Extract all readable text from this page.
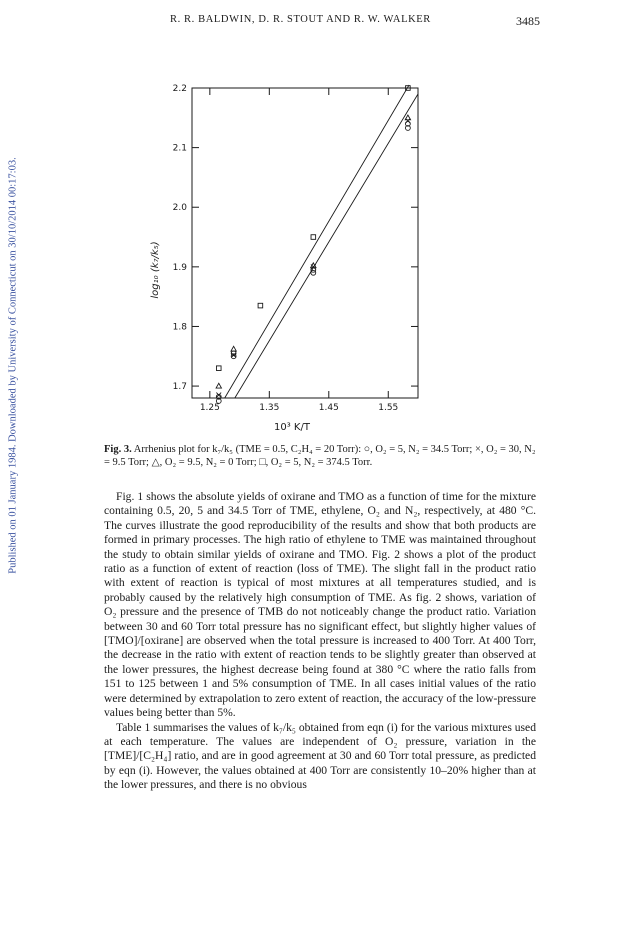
Published on 01 January 1984. Downloaded by University of Connecticut on 30/10/2014 00:17:03.
R. R. BALDWIN, D. R. STOUT AND R. W. WALKER	3485
1.25	1.35	1.45	1.55
1.7
1.8
1.9
2.0
2.1
2.2
10³ K/T
log₁₀ (k₇/k₅)
Fig. 3. Arrhenius plot for k₇/k₅ (TME = 0.5, C₂H₄ = 20 Torr): ○, O₂ = 5, N₂ = 34.5 Torr; ×, O₂ = 30, N₂ = 9.5 Torr; △, O₂ = 9.5, N₂ = 0 Torr; □, O₂ = 5, N₂ = 374.5 Torr.

Fig. 1 shows the absolute yields of oxirane and TMO as a function of time for the mixture containing 0.5, 20, 5 and 34.5 Torr of TME, ethylene, O₂ and N₂, respectively, at 480 °C. The curves illustrate the good reproducibility of the results and show that both products are formed in primary processes. The high ratio of ethylene to TME was maintained throughout the study to obtain similar yields of oxirane and TMO. Fig. 2 shows a plot of the product ratio as a function of extent of reaction (loss of TME). The slight fall in the product ratio with extent of reaction is typical of most mixtures at all temperatures studied, and is probably caused by the relatively high consumption of TME. As fig. 2 shows, variation of O₂ pressure and the presence of TMB do not noticeably change the product ratio. Variation between 30 and 60 Torr total pressure has no significant effect, but slightly higher values of [TMO]/[oxirane] are observed when the total pressure is increased to 400 Torr. At 400 Torr, the decrease in the ratio with extent of reaction tends to be slightly greater than observed at the lower pressures, the highest decrease being found at 380 °C where the ratio falls from 151 to 125 between 1 and 5% consumption of TME. In all cases initial values of the ratio were determined by extrapolation to zero extent of reaction, the accuracy of the low-pressure values being better than 5%.

Table 1 summarises the values of k₇/k₅ obtained from eqn (i) for the various mixtures used at each temperature. The values are independent of O₂ pressure, variation in the [TME]/[C₂H₄] ratio, and are in good agreement at 30 and 60 Torr total pressure, as predicted by eqn (i). However, the values obtained at 400 Torr are consistently 10–20% higher than at the lower pressures, and there is no obvious
